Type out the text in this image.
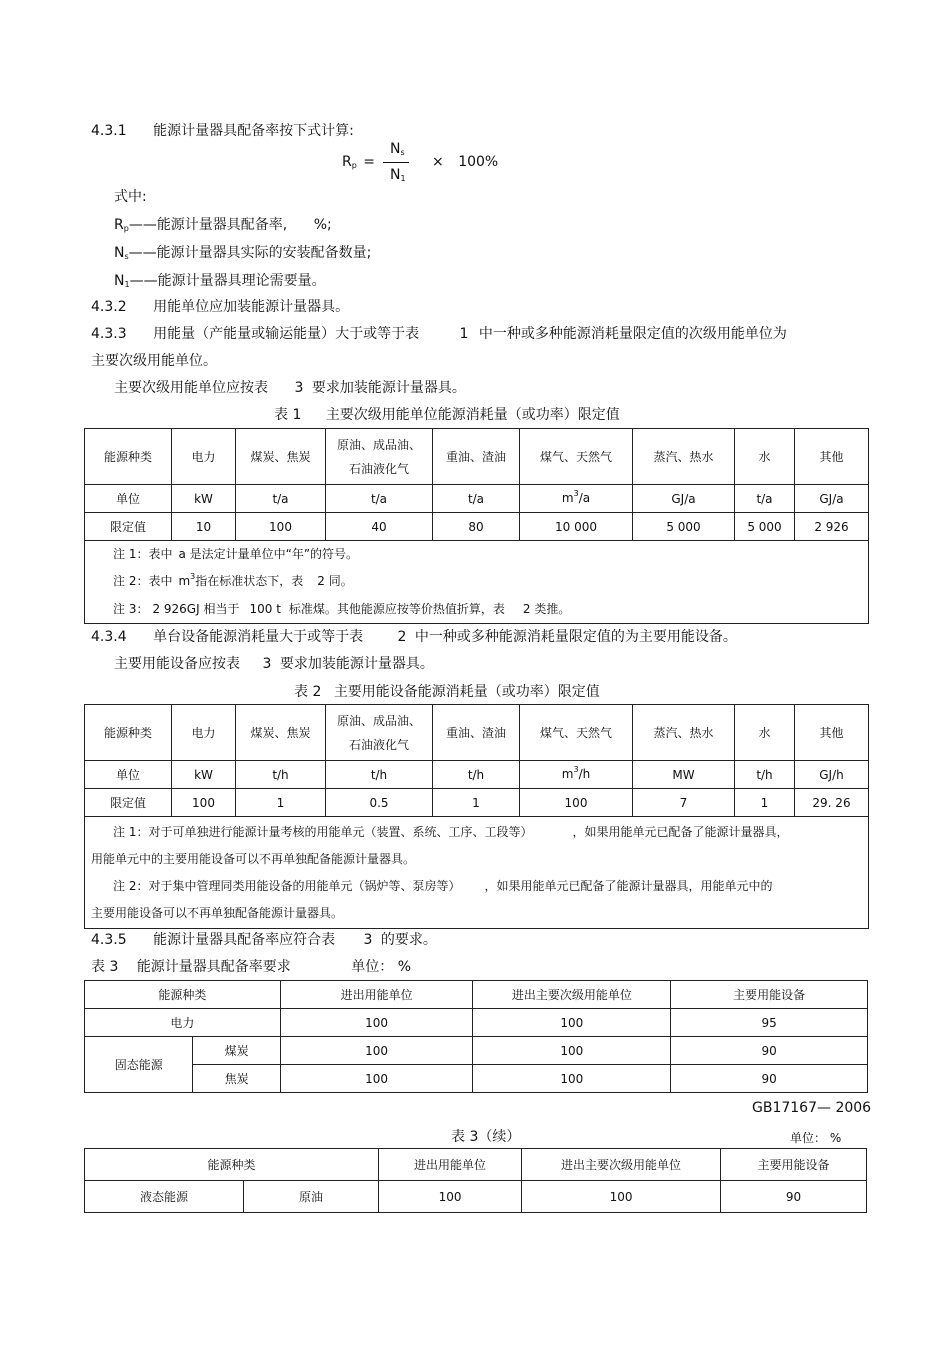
4.3.1 能源计量器具配备率按下式计算:
Rp =
Ns
N1
× 100%
式中:
Rp——能源计量器具配备率, %;
Ns——能源计量器具实际的安装配备数量;
N1——能源计量器具理论需要量。
4.3.2 用能单位应加装能源计量器具。
4.3.3 用能量（产能量或输运能量）大于或等于表	1 中一种或多种能源消耗量限定值的次级用能单位为
主要次级用能单位。
主要次级用能单位应按表 3 要求加装能源计量器具。
表 1 主要次级用能单位能源消耗量（或功率）限定值
能源种类	电力	煤炭、焦炭	原油、成品油、
石油液化气	重油、渣油	煤气、天然气	蒸汽、热水	水	其他
单位	kW	t/a	t/a	t/a	$m^3/a$	GJ/a	t/a	GJ/a
限定值	10	100	40	80	10 000	5 000	5 000	2 926

注 1：表中 a 是法定计量单位中“年”的符号。
注 2：表中 $m^3$指在标准状态下，表 2 同。
注 3： 2 926GJ 相当于 100 t 标准煤。其他能源应按等价热值折算，表 2 类推。								
4.3.4 单台设备能源消耗量大于或等于表 2 中一种或多种能源消耗量限定值的为主要用能设备。
主要用能设备应按表 3 要求加装能源计量器具。
表 2 主要用能设备能源消耗量（或功率）限定值
能源种类	电力	煤炭、焦炭	原油、成品油、
石油液化气	重油、渣油	煤气、天然气	蒸汽、热水	水	其他
单位	kW	t/h	t/h	t/h	$m^3/h$	MW	t/h	GJ/h
限定值	100	1	0.5	1	100	7	1	29. 26

注 1：对于可单独进行能源计量考核的用能单元（装置、系统、工序、工段等） ，如果用能单元已配备了能源计量器具，
用能单元中的主要用能设备可以不再单独配备能源计量器具。
注 2：对于集中管理同类用能设备的用能单元（锅炉等、泵房等） ，如果用能单元已配备了能源计量器具，用能单元中的
主要用能设备可以不再单独配备能源计量器具。								
4.3.5 能源计量器具配备率应符合表 3 的要求。
表 3 能源计量器具配备率要求	单位： %
能源种类		进出用能单位	进出主要次级用能单位	主要用能设备
电力		100	100	95
固态能源	煤炭	100	100	90
	焦炭	100	100	90
GB17167— 2006
表 3（续）	单位： %
能源种类		进出用能单位	进出主要次级用能单位	主要用能设备
液态能源	原油	100	100	90
